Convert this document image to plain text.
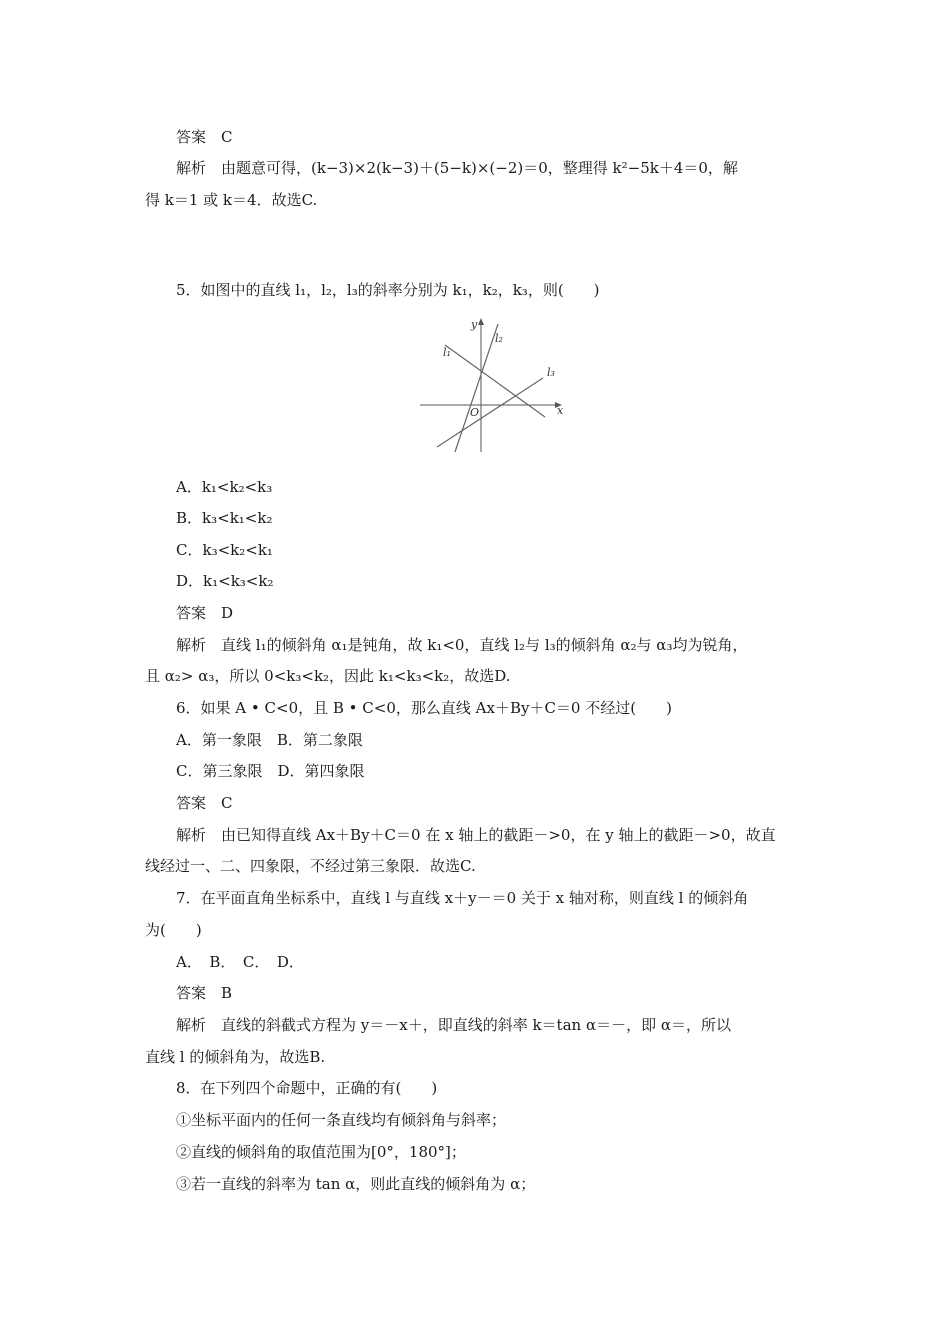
答案　C
解析　由题意可得，(k−3)×2(k−3)＋(5−k)×(−2)＝0，整理得 k²−5k＋4＝0，解
得 k＝1 或 k＝4．故选C.
5．如图中的直线 l₁，l₂，l₃的斜率分别为 k₁，k₂，k₃，则(　　)
y
x
O
l₁
l₂
l₃
A．k₁<k₂<k₃
B．k₃<k₁<k₂
C．k₃<k₂<k₁
D．k₁<k₃<k₂
答案　D
解析　直线 l₁的倾斜角 α₁是钝角，故 k₁<0，直线 l₂与 l₃的倾斜角 α₂与 α₃均为锐角，
且 α₂> α₃，所以 0<k₃<k₂，因此 k₁<k₃<k₂，故选D.
6．如果 A • C<0，且 B • C<0，那么直线 Ax＋By＋C＝0 不经过(　　)
A．第一象限　B．第二象限
C．第三象限　D．第四象限
答案　C
解析　由已知得直线 Ax＋By＋C＝0 在 x 轴上的截距－>0，在 y 轴上的截距－>0，故直
线经过一、二、四象限，不经过第三象限．故选C.
7．在平面直角坐标系中，直线 l 与直线 x＋y－＝0 关于 x 轴对称，则直线 l 的倾斜角
为(　　)
A．　B．　C．　D．
答案　B
解析　直线的斜截式方程为 y＝－x＋，即直线的斜率 k＝tan α＝－，即 α＝，所以
直线 l 的倾斜角为，故选B.
8．在下列四个命题中，正确的有(　　)
①坐标平面内的任何一条直线均有倾斜角与斜率；
②直线的倾斜角的取值范围为[0°，180°]；
③若一直线的斜率为 tan α，则此直线的倾斜角为 α；
